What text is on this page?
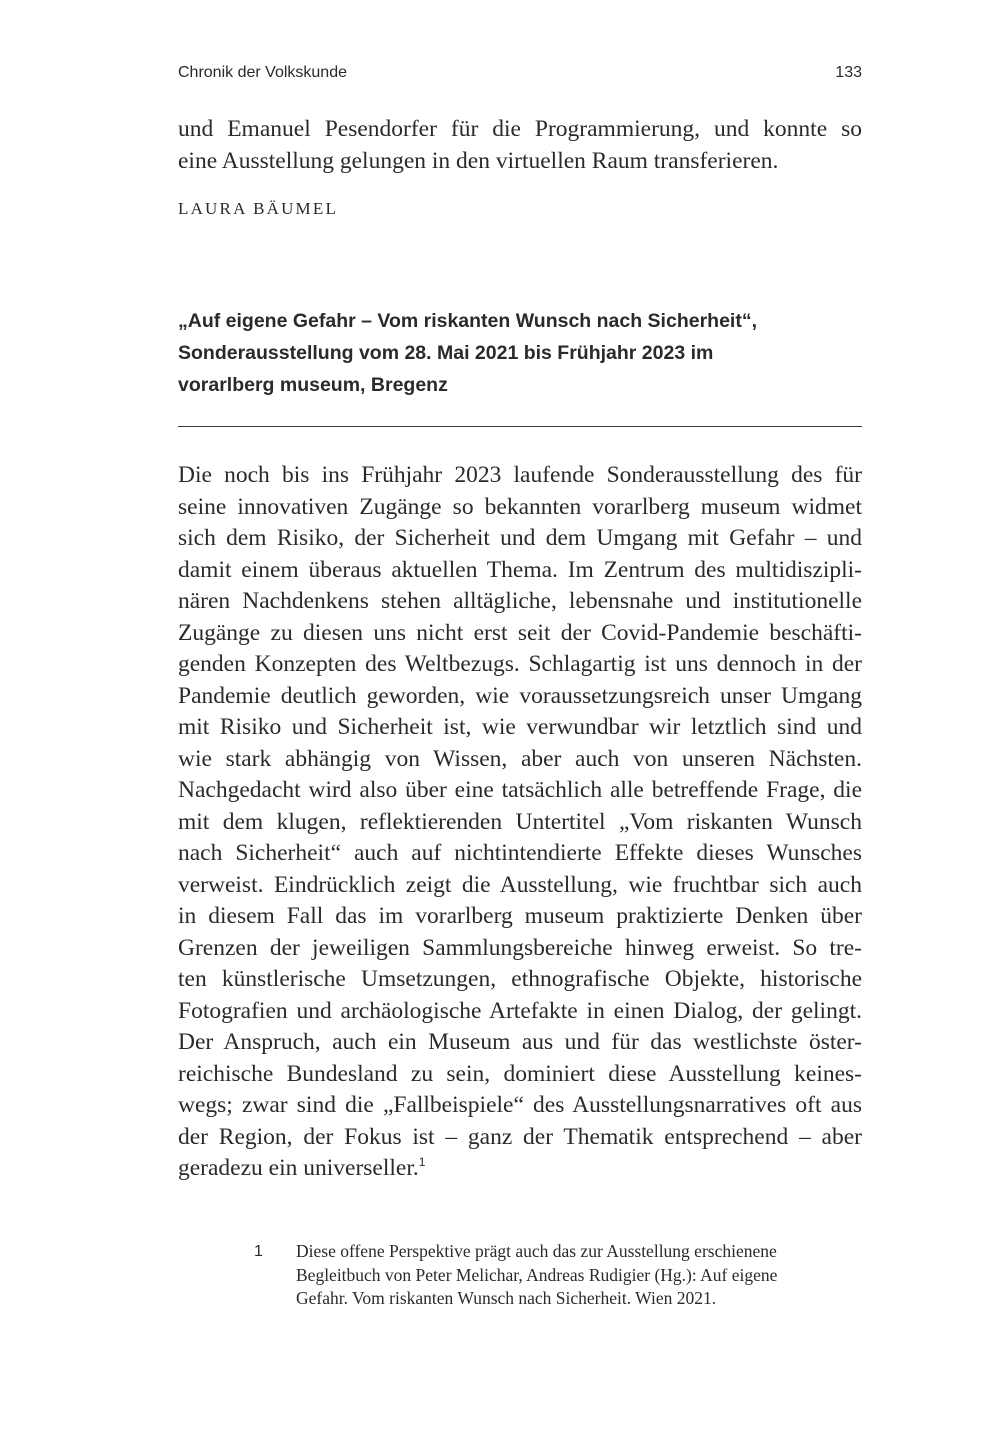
Chronik der Volkskunde	133

und Emanuel Pesendorfer für die Programmierung, und konnte so
eine Ausstellung gelungen in den virtuellen Raum transferieren.

LAURA BÄUMEL
„Auf eigene Gefahr – Vom riskanten Wunsch nach Sicherheit“,
Sonderausstellung vom 28. Mai 2021 bis Frühjahr 2023 im
vorarlberg museum, Bregenz

Die noch bis ins Frühjahr 2023 laufende Sonderausstellung des für
seine innovativen Zugänge so bekannten vorarlberg museum widmet
sich dem Risiko, der Sicherheit und dem Umgang mit Gefahr – und
damit einem überaus aktuellen Thema. Im Zentrum des multidiszipli-
nären Nachdenkens stehen alltägliche, lebensnahe und institutionelle
Zugänge zu diesen uns nicht erst seit der Covid-Pandemie beschäfti-
genden Konzepten des Weltbezugs. Schlagartig ist uns dennoch in der
Pandemie deutlich geworden, wie voraussetzungsreich unser Umgang
mit Risiko und Sicherheit ist, wie verwundbar wir letztlich sind und
wie stark abhängig von Wissen, aber auch von unseren Nächsten.
Nachgedacht wird also über eine tatsächlich alle betreffende Frage, die
mit dem klugen, reflektierenden Untertitel „Vom riskanten Wunsch
nach Sicherheit“ auch auf nichtintendierte Effekte dieses Wunsches
verweist. Eindrücklich zeigt die Ausstellung, wie fruchtbar sich auch
in diesem Fall das im vorarlberg museum praktizierte Denken über
Grenzen der jeweiligen Sammlungsbereiche hinweg erweist. So tre-
ten künstlerische Umsetzungen, ethnografische Objekte, historische
Fotografien und archäologische Artefakte in einen Dialog, der gelingt.
Der Anspruch, auch ein Museum aus und für das westlichste öster-
reichische Bundesland zu sein, dominiert diese Ausstellung keines-
wegs; zwar sind die „Fallbeispiele“ des Ausstellungsnarratives oft aus
der Region, der Fokus ist – ganz der Thematik entsprechend – aber
geradezu ein universeller.$^1$

1 Diese offene Perspektive prägt auch das zur Ausstellung erschienene
Begleitbuch von Peter Melichar, Andreas Rudigier (Hg.): Auf eigene
Gefahr. Vom riskanten Wunsch nach Sicherheit. Wien 2021.
